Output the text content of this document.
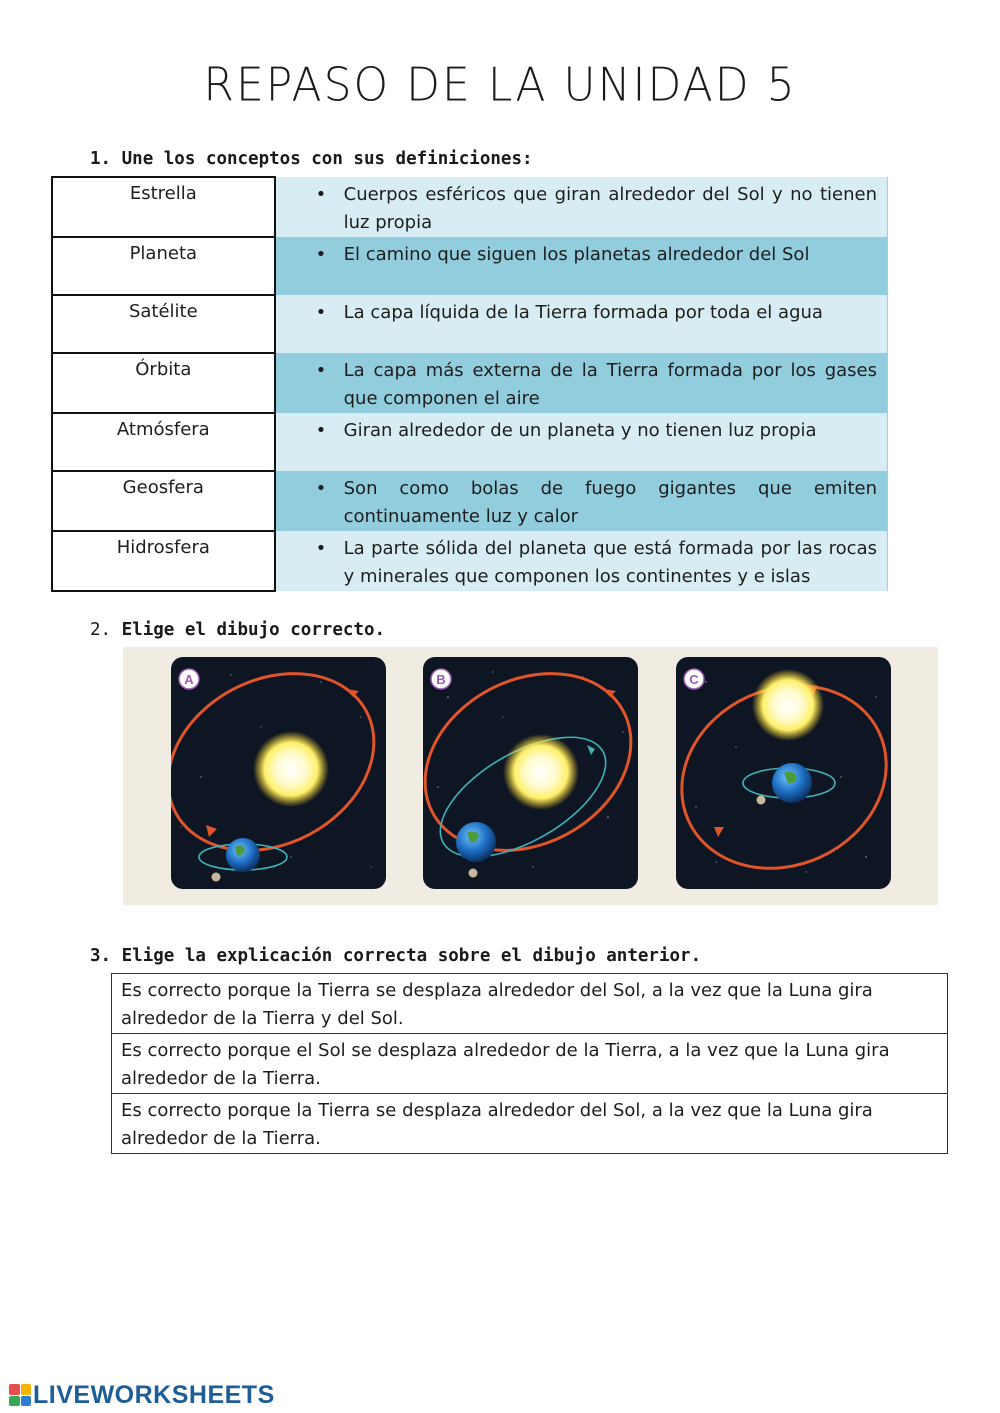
REPASO DE LA UNIDAD 5
1. Une los conceptos con sus definiciones:
Estrella	• Cuerpos esféricos que giran alrededor del Sol y no tienen luz propia
Planeta	• El camino que siguen los planetas alrededor del Sol
Satélite	• La capa líquida de la Tierra formada por toda el agua
Órbita	• La capa más externa de la Tierra formada por los gases que componen el aire
Atmósfera	• Giran alrededor de un planeta y no tienen luz propia
Geosfera	• Son como bolas de fuego gigantes que emiten continuamente luz y calor
Hidrosfera	• La parte sólida del planeta que está formada por las rocas y minerales que componen los continentes y e islas
2. Elige el dibujo correcto.
A	B	C
3. Elige la explicación correcta sobre el dibujo anterior.
Es correcto porque la Tierra se desplaza alrededor del Sol, a la vez que la Luna gira alrededor de la Tierra y del Sol.
Es correcto porque el Sol se desplaza alrededor de la Tierra, a la vez que la Luna gira alrededor de la Tierra.
Es correcto porque la Tierra se desplaza alrededor del Sol, a la vez que la Luna gira alrededor de la Tierra.
LIVEWORKSHEETS
